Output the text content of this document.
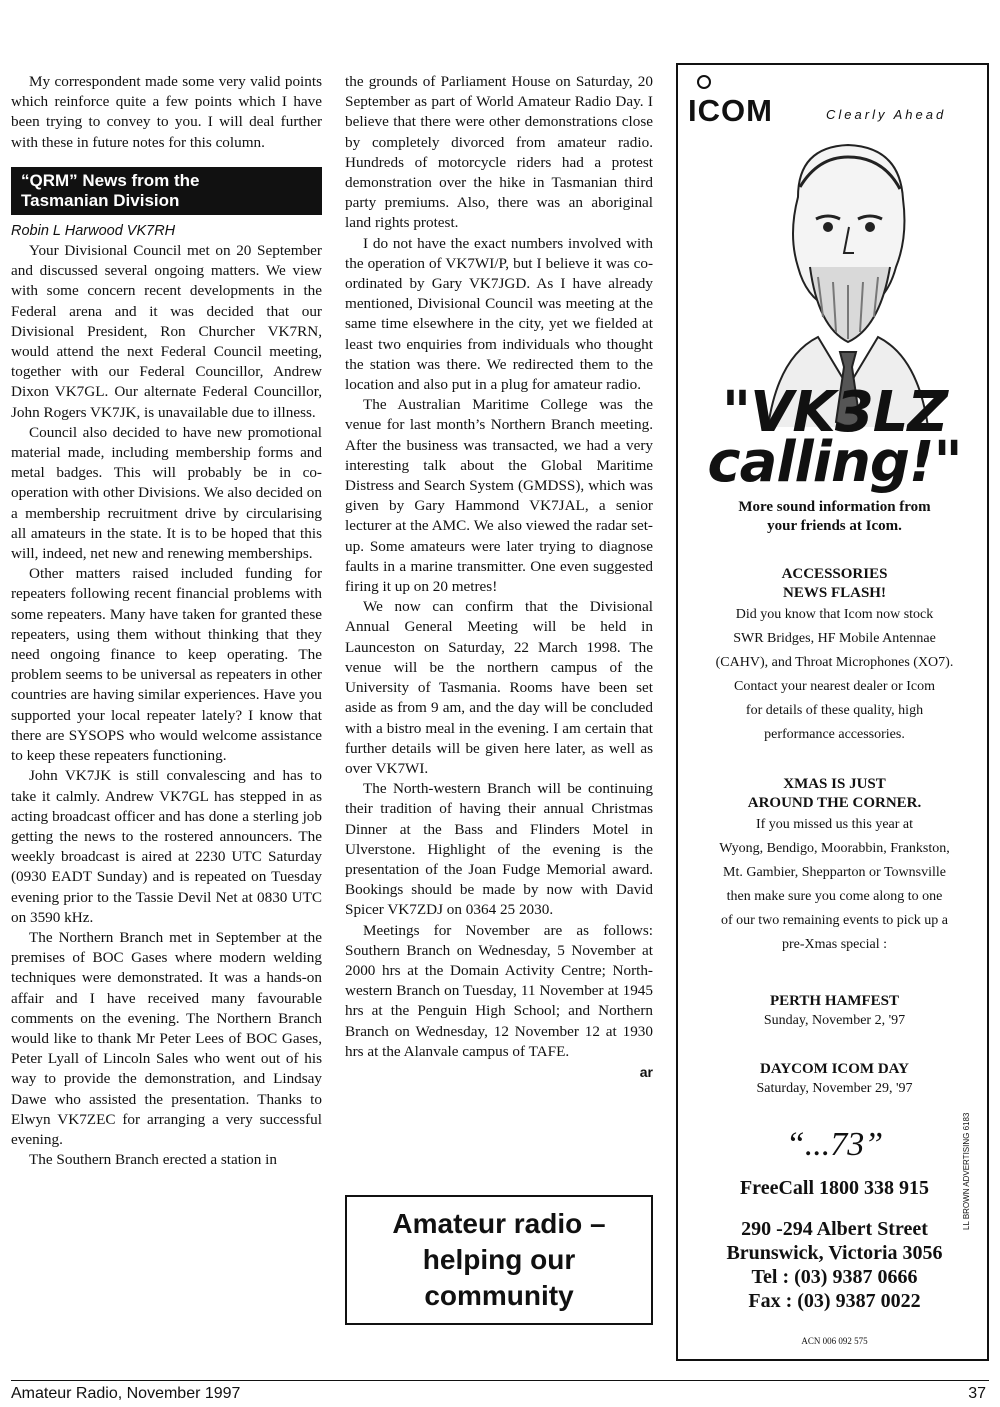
My correspondent made some very valid points which reinforce quite a few points which I have been trying to convey to you. I will deal further with these in future notes for this column.

“QRM” News from the
Tasmanian Division

Robin L Harwood VK7RH

Your Divisional Council met on 20 September and discussed several ongoing matters. We view with some concern recent developments in the Federal arena and it was decided that our Divisional President, Ron Churcher VK7RN, would attend the next Federal Council meeting, together with our Federal Councillor, Andrew Dixon VK7GL. Our alternate Federal Councillor, John Rogers VK7JK, is unavailable due to illness.

Council also decided to have new promotional material made, including membership forms and metal badges. This will probably be in co-operation with other Divisions. We also decided on a membership recruitment drive by circularising all amateurs in the state. It is to be hoped that this will, indeed, net new and renewing memberships.

Other matters raised included funding for repeaters following recent financial problems with some repeaters. Many have taken for granted these repeaters, using them without thinking that they need ongoing finance to keep operating. The problem seems to be universal as repeaters in other countries are having similar experiences. Have you supported your local repeater lately? I know that there are SYSOPS who would welcome assistance to keep these repeaters functioning.

John VK7JK is still convalescing and has to take it calmly. Andrew VK7GL has stepped in as acting broadcast officer and has done a sterling job getting the news to the rostered announcers. The weekly broadcast is aired at 2230 UTC Saturday (0930 EADT Sunday) and is repeated on Tuesday evening prior to the Tassie Devil Net at 0830 UTC on 3590 kHz.

The Northern Branch met in September at the premises of BOC Gases where modern welding techniques were demonstrated. It was a hands-on affair and I have received many favourable comments on the evening. The Northern Branch would like to thank Mr Peter Lees of BOC Gases, Peter Lyall of Lincoln Sales who went out of his way to provide the demonstration, and Lindsay Dawe who assisted the presentation. Thanks to Elwyn VK7ZEC for arranging a very successful evening.

The Southern Branch erected a station in

the grounds of Parliament House on Saturday, 20 September as part of World Amateur Radio Day. I believe that there were other demonstrations close by completely divorced from amateur radio. Hundreds of motorcycle riders had a protest demonstration over the hike in Tasmanian third party premiums. Also, there was an aboriginal land rights protest.

I do not have the exact numbers involved with the operation of VK7WI/P, but I believe it was co-ordinated by Gary VK7JGD. As I have already mentioned, Divisional Council was meeting at the same time elsewhere in the city, yet we fielded at least two enquiries from individuals who thought the station was there. We redirected them to the location and also put in a plug for amateur radio.

The Australian Maritime College was the venue for last month’s Northern Branch meeting. After the business was transacted, we had a very interesting talk about the Global Maritime Distress and Search System (GMDSS), which was given by Gary Hammond VK7JAL, a senior lecturer at the AMC. We also viewed the radar set-up. Some amateurs were later trying to diagnose faults in a marine transmitter. One even suggested firing it up on 20 metres!

We now can confirm that the Divisional Annual General Meeting will be held in Launceston on Saturday, 22 March 1998. The venue will be the northern campus of the University of Tasmania. Rooms have been set aside as from 9 am, and the day will be concluded with a bistro meal in the evening. I am certain that further details will be given here later, as well as over VK7WI.

The North-western Branch will be continuing their tradition of having their annual Christmas Dinner at the Bass and Flinders Motel in Ulverstone. Highlight of the evening is the presentation of the Joan Fudge Memorial award. Bookings should be made by now with David Spicer VK7ZDJ on 0364 25 2030.

Meetings for November are as follows: Southern Branch on Wednesday, 5 November at 2000 hrs at the Domain Activity Centre; North-western Branch on Tuesday, 11 November at 1945 hrs at the Penguin High School; and Northern Branch on Wednesday, 12 November 12 at 1930 hrs at the Alanvale campus of TAFE.

ar

Amateur radio –
helping our
community
ICOM	Clearly Ahead
"VK3LZ
calling!"
More sound information from
your friends at Icom.
ACCESSORIES
NEWS FLASH!
Did you know that Icom now stock
SWR Bridges, HF Mobile Antennae
(CAHV), and Throat Microphones (XO7).
Contact your nearest dealer or Icom
for details of these quality, high
performance accessories.
XMAS IS JUST
AROUND THE CORNER.
If you missed us this year at
Wyong, Bendigo, Moorabbin, Frankston,
Mt. Gambier, Shepparton or Townsville
then make sure you come along to one
of our two remaining events to pick up a
pre-Xmas special :
PERTH HAMFEST
Sunday, November 2, '97
DAYCOM ICOM DAY
Saturday, November 29, '97
“...73”
FreeCall 1800 338 915
290 -294 Albert Street
Brunswick, Victoria 3056
Tel : (03) 9387 0666
Fax : (03) 9387 0022
ACN 006 092 575
LL BROWN ADVERTISING 6183
Amateur Radio, November 1997	37
